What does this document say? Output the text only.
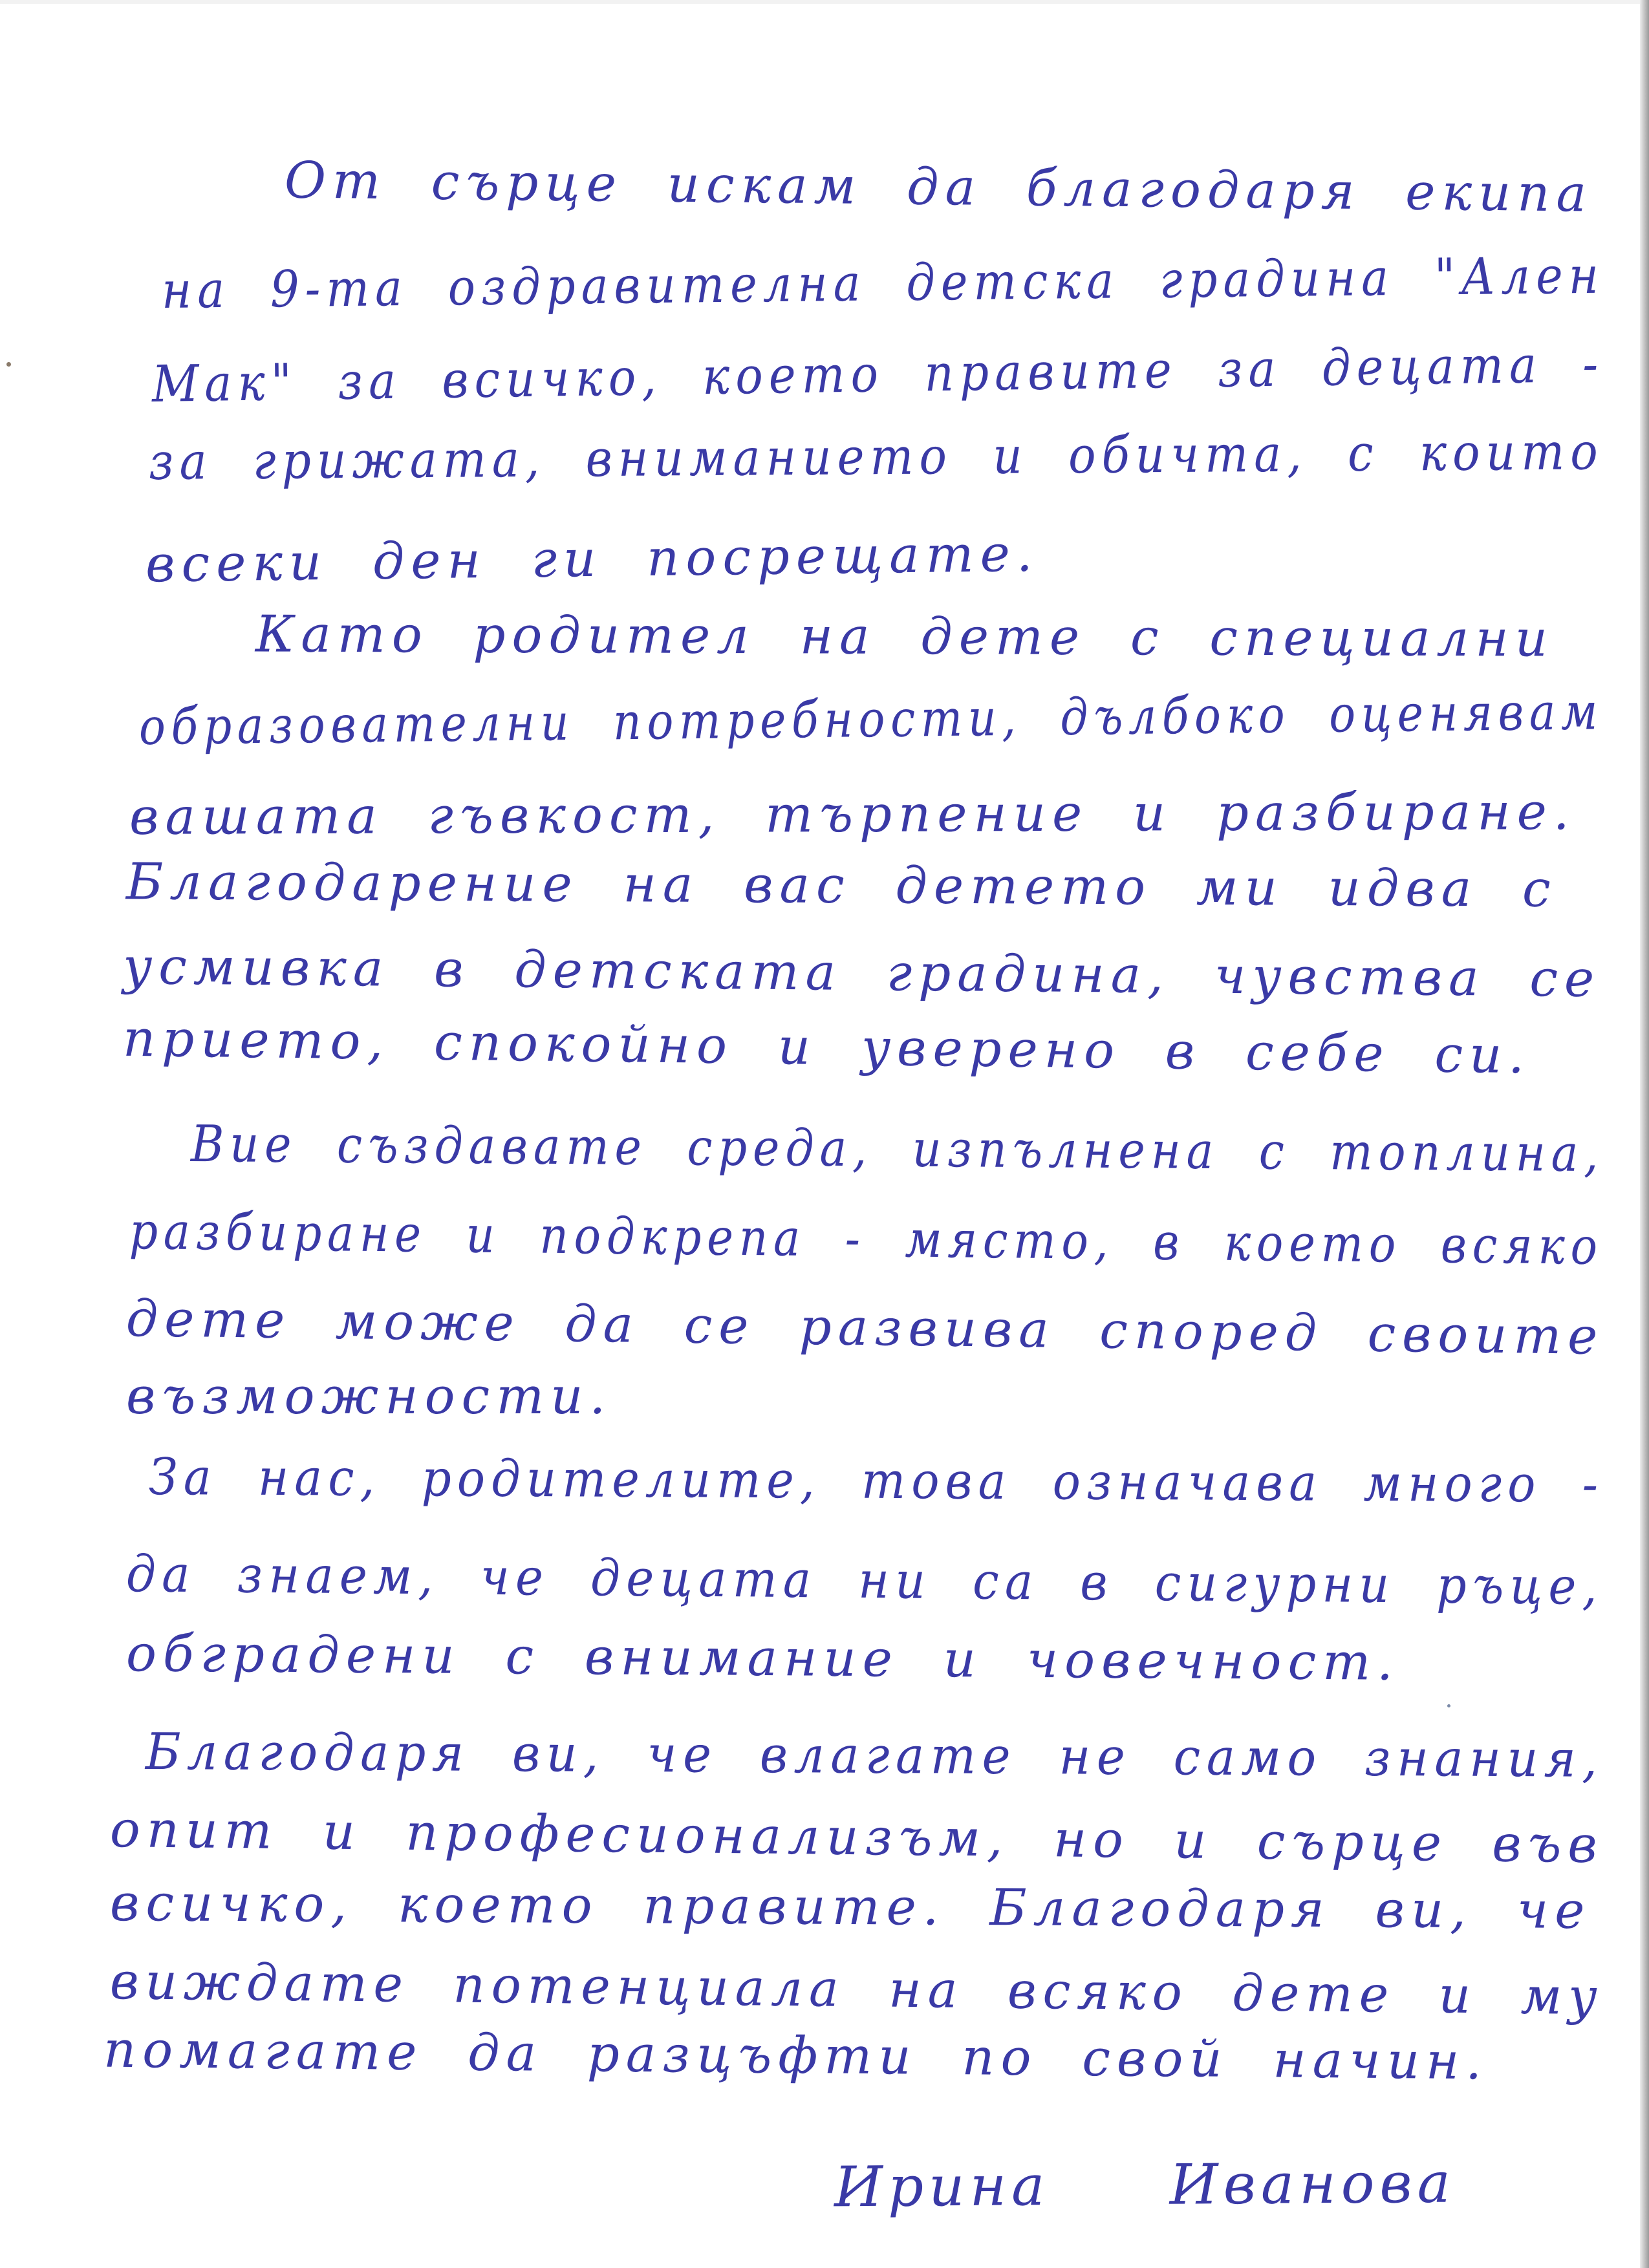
От сърце искам да благодаря екипа

на 9-та оздравителна детска градина "Ален

Мак" за всичко, което правите за децата -

за грижата, вниманието и обичта, с които

всеки ден ги посрещате.

Като родител на дете с специални

образователни потребности, дълбоко оценявам

вашата гъвкост, търпение и разбиране.

Благодарение на вас детето ми идва с

усмивка в детската градина, чувства се

прието, спокойно и уверено в себе си.

Вие създавате среда, изпълнена с топлина,

разбиране и подкрепа - място, в което всяко

дете може да се развива според своите

възможности.

За нас, родителите, това означава много -

да знаем, че децата ни са в сигурни ръце,

обградени с внимание и човечност.

Благодаря ви, че влагате не само знания,

опит и професионализъм, но и сърце във

всичко, което правите. Благодаря ви, че

виждате потенциала на всяко дете и му

помагате да разцъфти по свой начин.

Ирина Иванова
